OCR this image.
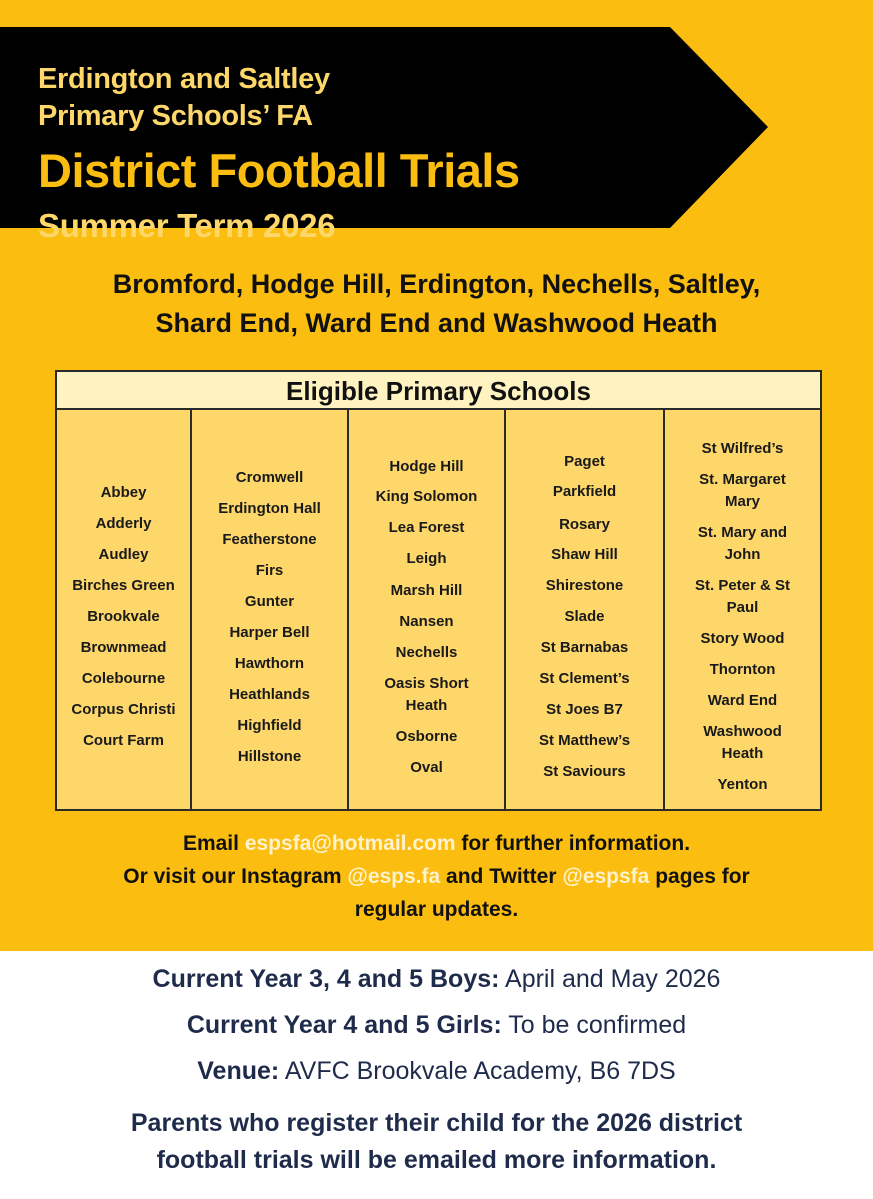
Erdington and Saltley
Primary Schools’ FA
District Football Trials
Summer Term 2026
Bromford, Hodge Hill, Erdington, Nechells, Saltley,
Shard End, Ward End and Washwood Heath
Eligible Primary Schools
Abbey
Adderly
Audley
Birches Green
Brookvale
Brownmead
Colebourne
Corpus Christi
Court Farm
Cromwell
Erdington Hall
Featherstone
Firs
Gunter
Harper Bell
Hawthorn
Heathlands
Highfield
Hillstone
Hodge Hill
King Solomon
Lea Forest
Leigh
Marsh Hill
Nansen
Nechells
Oasis Short Heath
Osborne
Oval
Paget
Parkfield
Rosary
Shaw Hill
Shirestone
Slade
St Barnabas
St Clement’s
St Joes B7
St Matthew’s
St Saviours
St Wilfred’s
St. Margaret Mary
St. Mary and John
St. Peter & St Paul
Story Wood
Thornton
Ward End
Washwood Heath
Yenton
Email espsfa@hotmail.com for further information.
Or visit our Instagram @esps.fa and Twitter @espsfa pages for
regular updates.
Current Year 3, 4 and 5 Boys: April and May 2026
Current Year 4 and 5 Girls: To be confirmed
Venue: AVFC Brookvale Academy, B6 7DS
Parents who register their child for the 2026 district
football trials will be emailed more information.
